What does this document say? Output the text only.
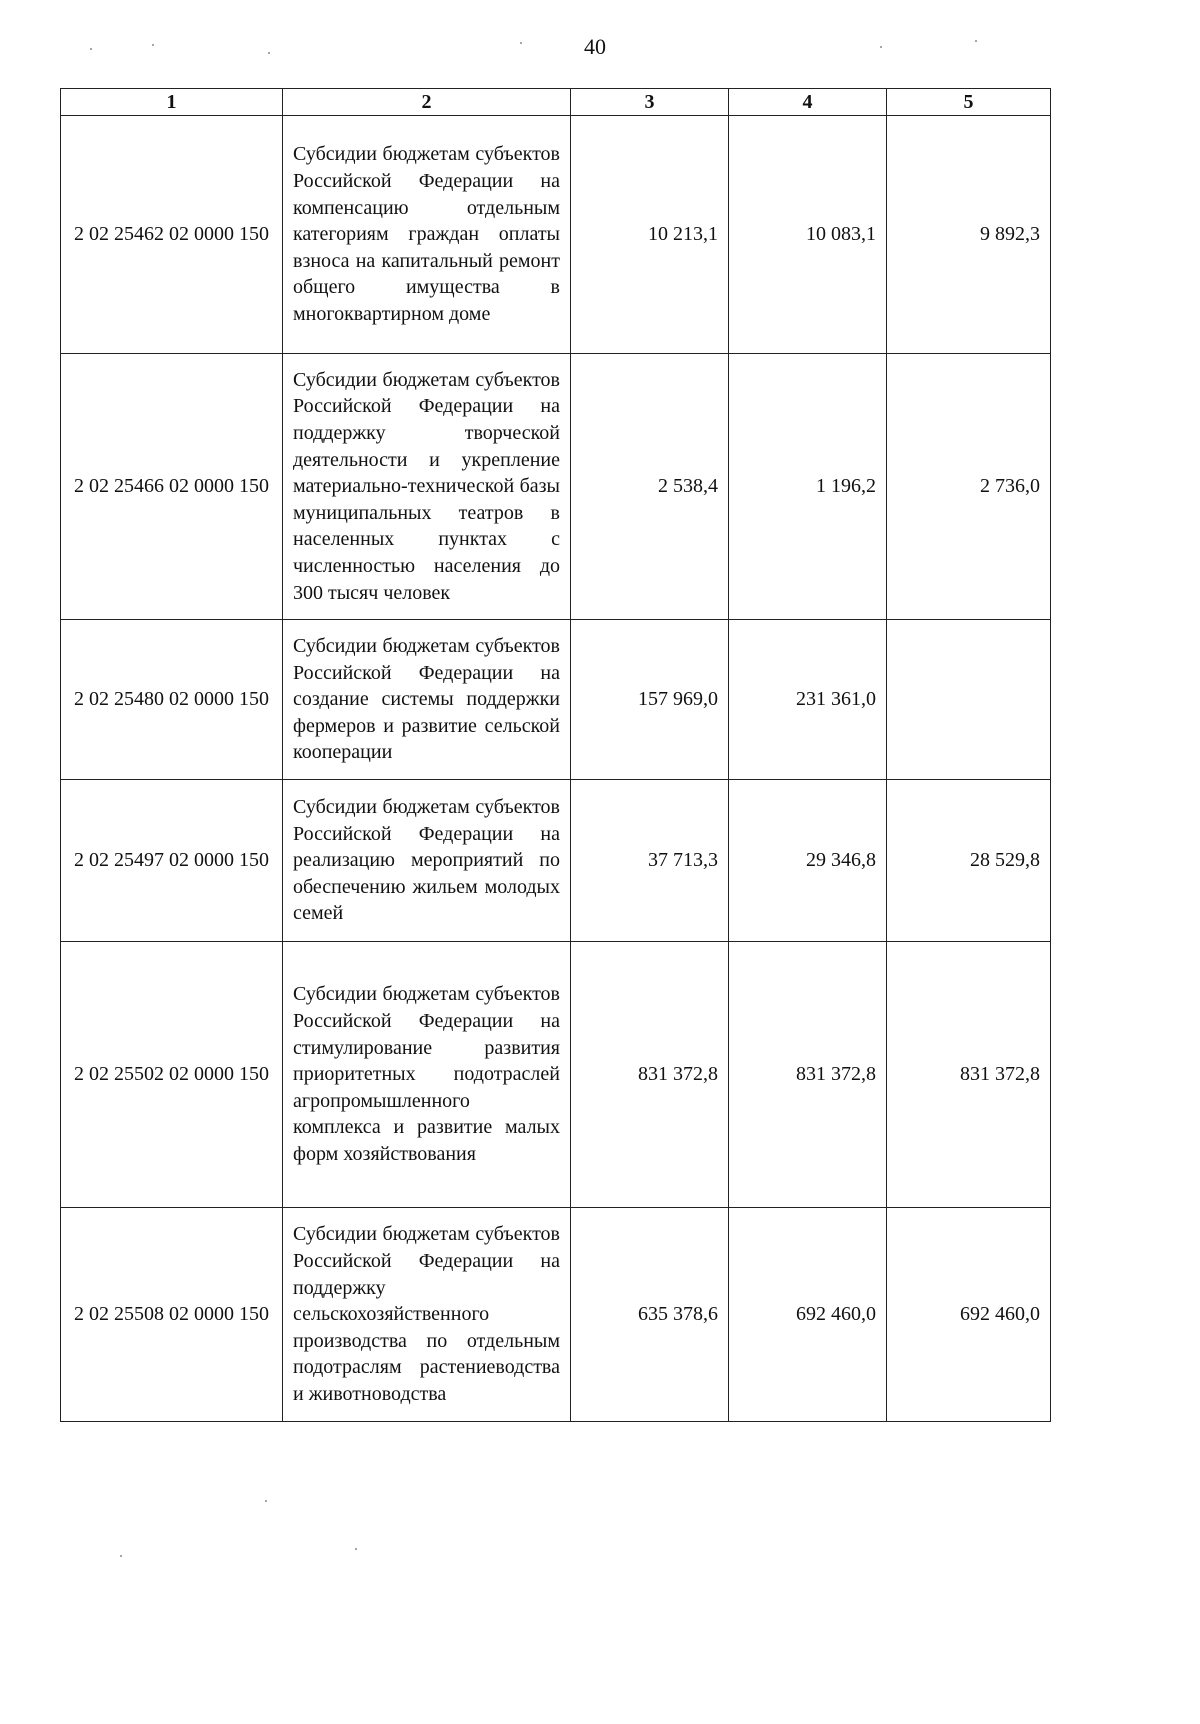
40
1	2	3	4	5
2 02 25462 02 0000 150	Субсидии бюджетам субъектов Российской Федерации на компенсацию отдельным категориям граждан оплаты взноса на капитальный ремонт общего имущества в многоквартирном доме	10 213,1	10 083,1	9 892,3
2 02 25466 02 0000 150	Субсидии бюджетам субъектов Российской Федерации на поддержку творческой деятельности и укрепление материально-технической базы муниципальных театров в населенных пунктах с численностью населения до 300 тысяч человек	2 538,4	1 196,2	2 736,0
2 02 25480 02 0000 150	Субсидии бюджетам субъектов Российской Федерации на создание системы поддержки фермеров и развитие сельской кооперации	157 969,0	231 361,0	
2 02 25497 02 0000 150	Субсидии бюджетам субъектов Российской Федерации на реализацию мероприятий по обеспечению жильем молодых семей	37 713,3	29 346,8	28 529,8
2 02 25502 02 0000 150	Субсидии бюджетам субъектов Российской Федерации на стимулирование развития приоритетных подотраслей агропромышленного комплекса и развитие малых форм хозяйствования	831 372,8	831 372,8	831 372,8
2 02 25508 02 0000 150	Субсидии бюджетам субъектов Российской Федерации на поддержку сельскохозяйственного производства по отдельным подотраслям растениеводства и животноводства	635 378,6	692 460,0	692 460,0
